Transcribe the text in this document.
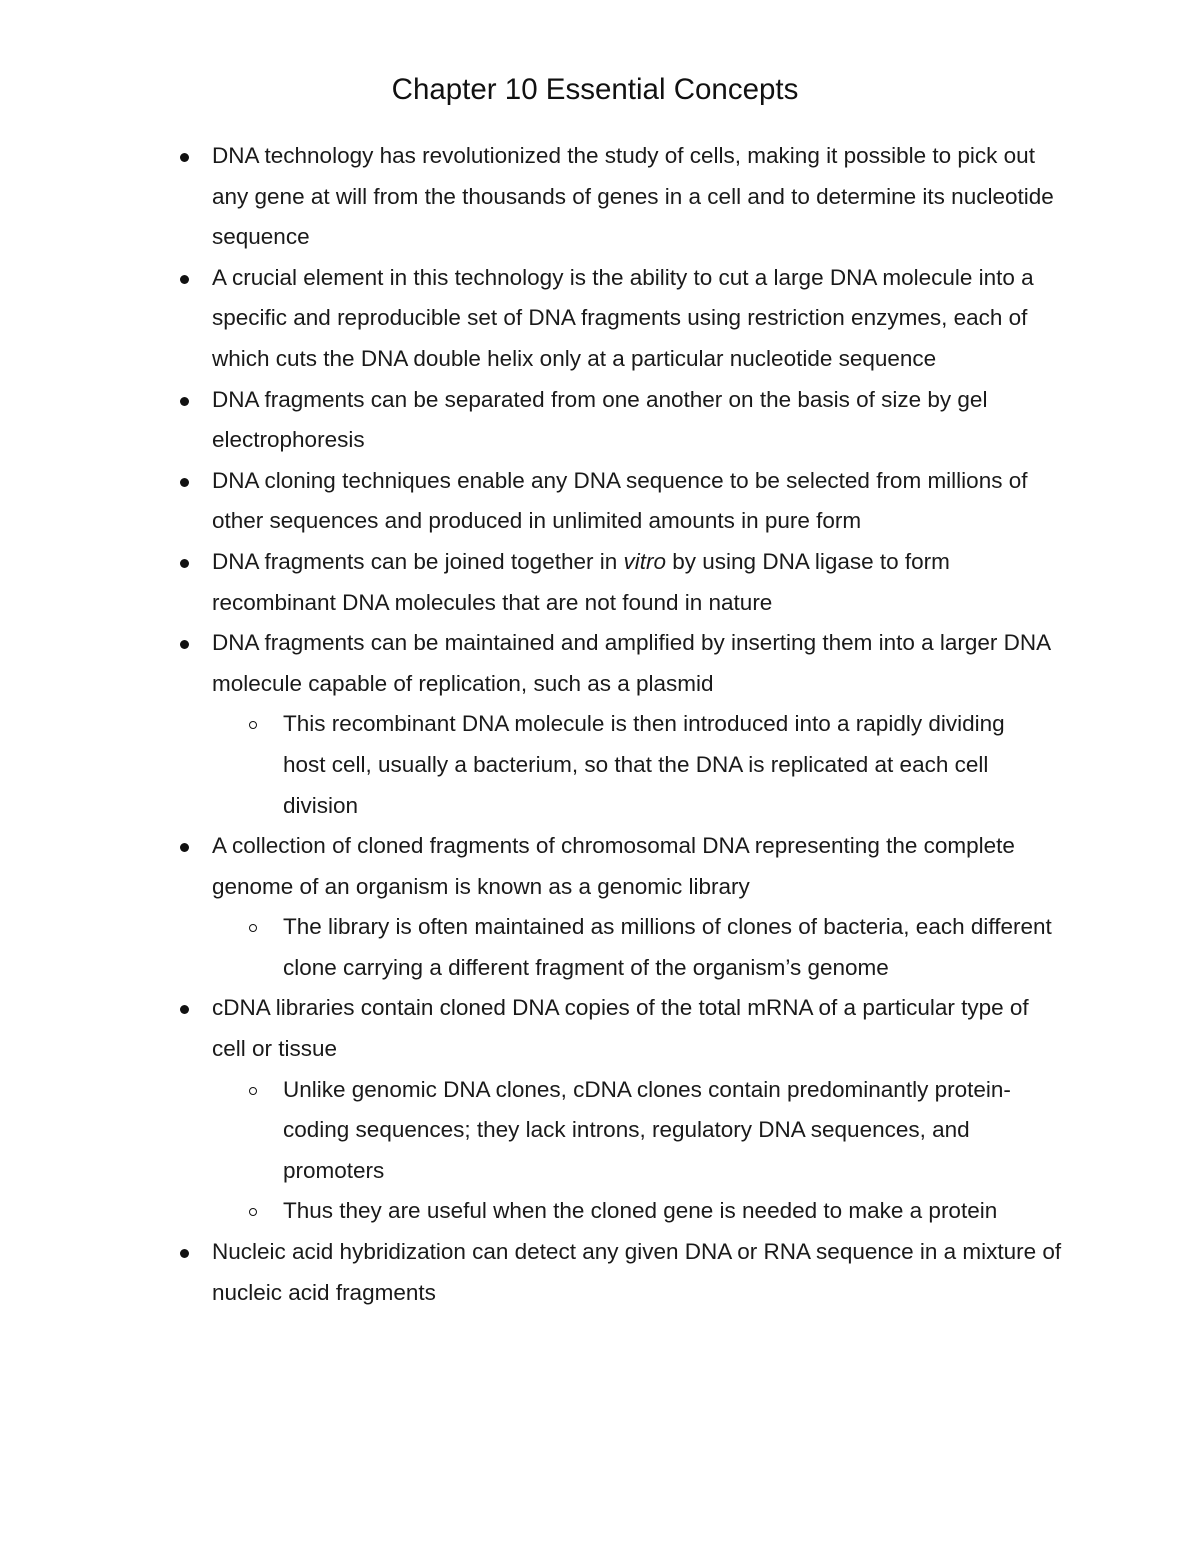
Chapter 10 Essential Concepts
DNA technology has revolutionized the study of cells, making it possible to pick out any gene at will from the thousands of genes in a cell and to determine its nucleotide sequence
A crucial element in this technology is the ability to cut a large DNA molecule into a specific and reproducible set of DNA fragments using restriction enzymes, each of which cuts the DNA double helix only at a particular nucleotide sequence
DNA fragments can be separated from one another on the basis of size by gel electrophoresis
DNA cloning techniques enable any DNA sequence to be selected from millions of other sequences and produced in unlimited amounts in pure form
DNA fragments can be joined together in vitro by using DNA ligase to form recombinant DNA molecules that are not found in nature
DNA fragments can be maintained and amplified by inserting them into a larger DNA molecule capable of replication, such as a plasmid
This recombinant DNA molecule is then introduced into a rapidly dividing host cell, usually a bacterium, so that the DNA is replicated at each cell division
A collection of cloned fragments of chromosomal DNA representing the complete genome of an organism is known as a genomic library
The library is often maintained as millions of clones of bacteria, each different clone carrying a different fragment of the organism’s genome
cDNA libraries contain cloned DNA copies of the total mRNA of a particular type of cell or tissue
Unlike genomic DNA clones, cDNA clones contain predominantly protein-coding sequences; they lack introns, regulatory DNA sequences, and promoters
Thus they are useful when the cloned gene is needed to make a protein
Nucleic acid hybridization can detect any given DNA or RNA sequence in a mixture of nucleic acid fragments
